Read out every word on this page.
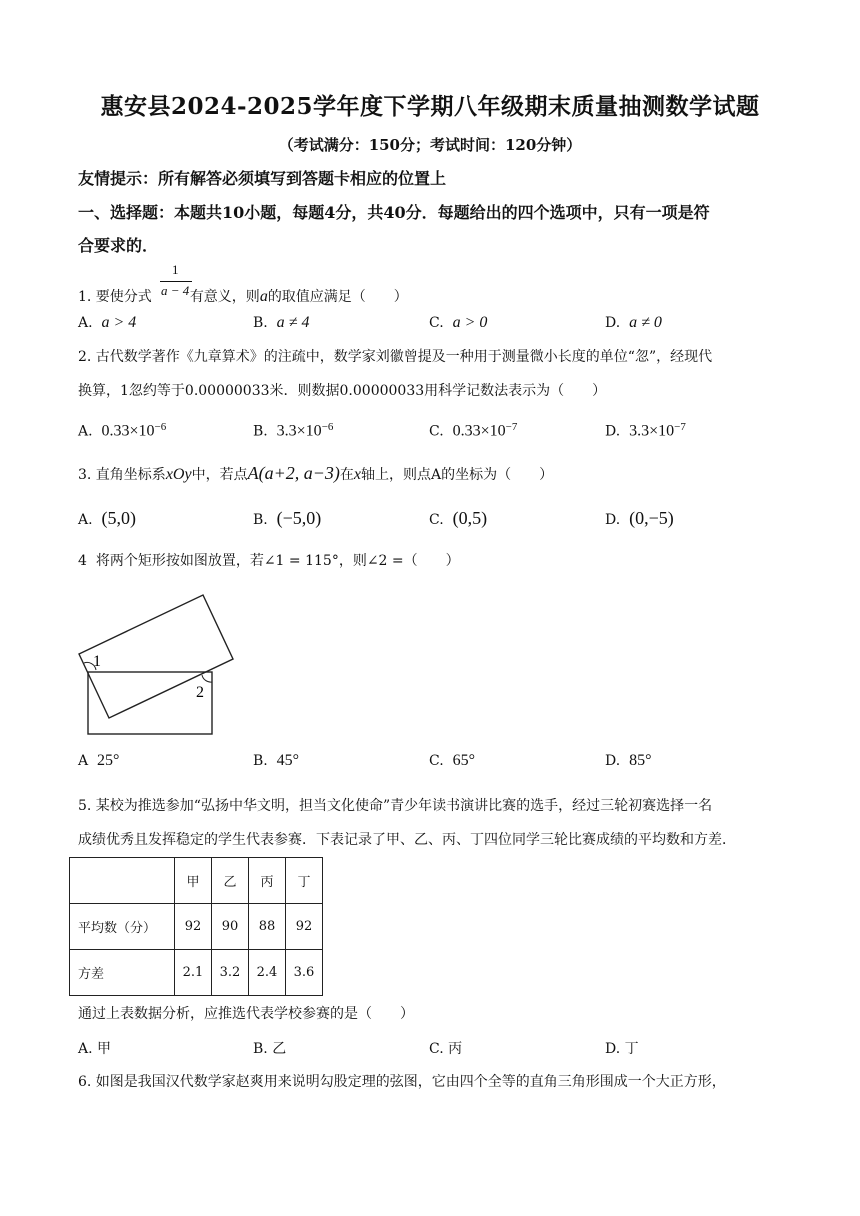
惠安县2024-2025学年度下学期八年级期末质量抽测数学试题
（考试满分：150分；考试时间：120分钟）
友情提示：所有解答必须填写到答题卡相应的位置上
一、选择题：本题共10小题，每题4分，共40分．每题给出的四个选项中，只有一项是符
合要求的．
1
a − 4
1. 要使分式	有意义，则a的取值应满足（　　）
A. a > 4	B. a ≠ 4	C. a > 0	D. a ≠ 0
2. 古代数学著作《九章算术》的注疏中，数学家刘徽曾提及一种用于测量微小长度的单位“忽”，经现代
换算，1忽约等于0.00000033米．则数据0.00000033用科学记数法表示为（　　）
A. $0.33\times 10^{-6}$	B. $3.3\times 10^{-6}$	C. $0.33\times 10^{-7}$	D. $3.3\times 10^{-7}$
3. 直角坐标系xOy中，若点A(a+2, a−3)在x轴上，则点A的坐标为（　　）
A. (5,0)	B. (−5,0)	C. (0,5)	D. (0,−5)
4 将两个矩形按如图放置，若∠1 = 115°，则∠2 =（　　）
1
2
A 25°	B. 45°	C. 65°	D. 85°
5. 某校为推选参加“弘扬中华文明，担当文化使命”青少年读书演讲比赛的选手，经过三轮初赛选择一名
成绩优秀且发挥稳定的学生代表参赛．下表记录了甲、乙、丙、丁四位同学三轮比赛成绩的平均数和方差．
	甲	乙	丙	丁
平均数（分）	92	90	88	92
方差	2.1	3.2	2.4	3.6
通过上表数据分析，应推选代表学校参赛的是（　　）
A. 甲	B. 乙	C. 丙	D. 丁
6. 如图是我国汉代数学家赵爽用来说明勾股定理的弦图，它由四个全等的直角三角形围成一个大正方形，
